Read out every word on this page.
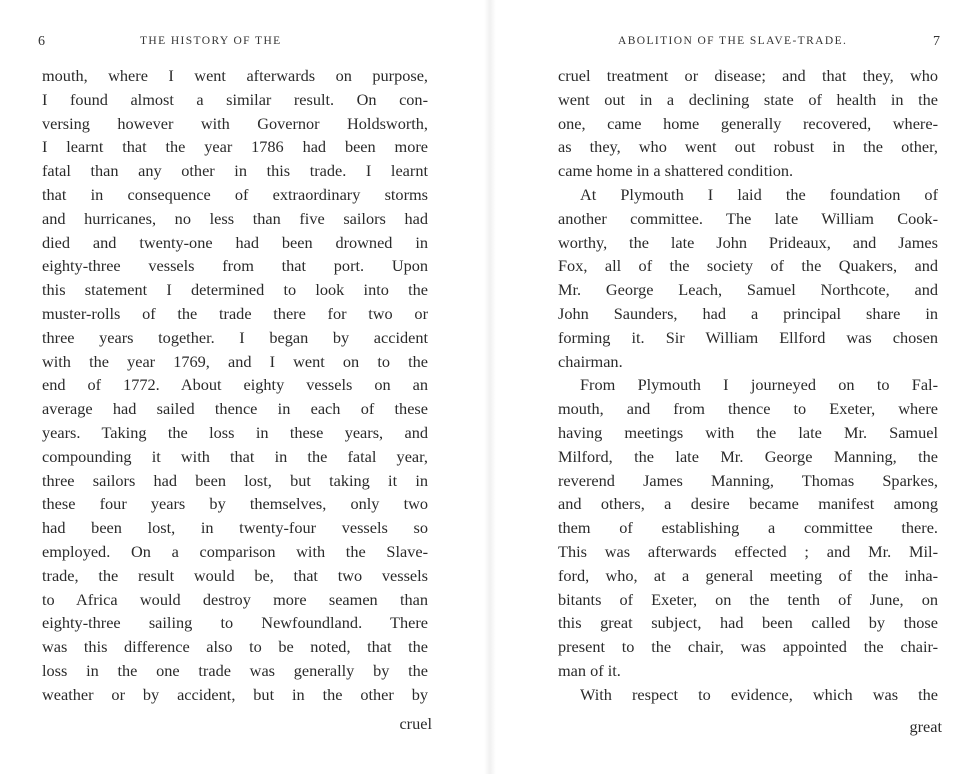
6	THE HISTORY OF THE
mouth, where I went afterwards on purpose,
I found almost a similar result. On con-
versing however with Governor Holdsworth,
I learnt that the year 1786 had been more
fatal than any other in this trade. I learnt
that in consequence of extraordinary storms
and hurricanes, no less than five sailors had
died and twenty-one had been drowned in
eighty-three vessels from that port. Upon
this statement I determined to look into the
muster-rolls of the trade there for two or
three years together. I began by accident
with the year 1769, and I went on to the
end of 1772. About eighty vessels on an
average had sailed thence in each of these
years. Taking the loss in these years, and
compounding it with that in the fatal year,
three sailors had been lost, but taking it in
these four years by themselves, only two
had been lost, in twenty-four vessels so
employed. On a comparison with the Slave-
trade, the result would be, that two vessels
to Africa would destroy more seamen than
eighty-three sailing to Newfoundland. There
was this difference also to be noted, that the
loss in the one trade was generally by the
weather or by accident, but in the other by
cruel
ABOLITION OF THE SLAVE-TRADE.	7
cruel treatment or disease; and that they, who
went out in a declining state of health in the
one, came home generally recovered, where-
as they, who went out robust in the other,
came home in a shattered condition.
At Plymouth I laid the foundation of
another committee. The late William Cook-
worthy, the late John Prideaux, and James
Fox, all of the society of the Quakers, and
Mr. George Leach, Samuel Northcote, and
John Saunders, had a principal share in
forming it. Sir William Ellford was chosen
chairman.
From Plymouth I journeyed on to Fal-
mouth, and from thence to Exeter, where
having meetings with the late Mr. Samuel
Milford, the late Mr. George Manning, the
reverend James Manning, Thomas Sparkes,
and others, a desire became manifest among
them of establishing a committee there.
This was afterwards effected ; and Mr. Mil-
ford, who, at a general meeting of the inha-
bitants of Exeter, on the tenth of June, on
this great subject, had been called by those
present to the chair, was appointed the chair-
man of it.
With respect to evidence, which was the
great
